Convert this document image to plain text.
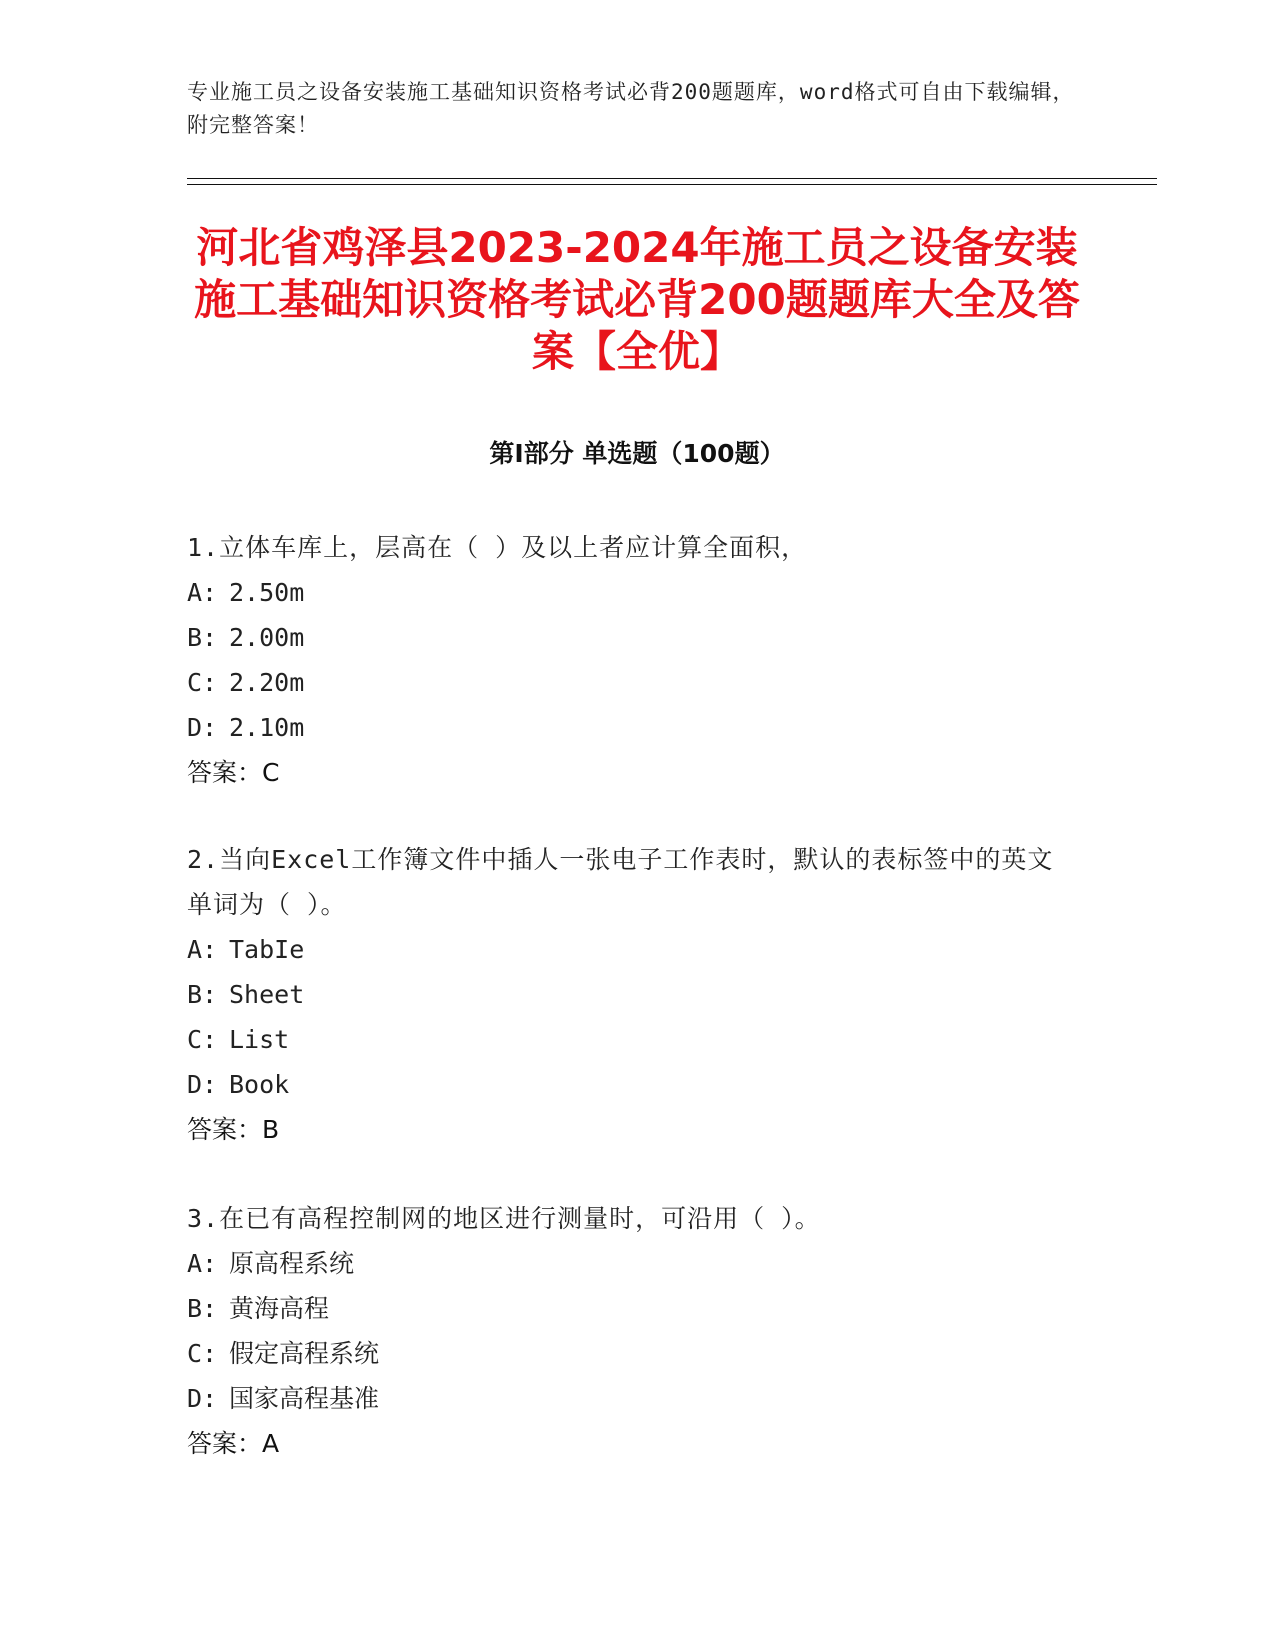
专业施工员之设备安装施工基础知识资格考试必背200题题库，word格式可自由下载编辑，附完整答案！
河北省鸡泽县2023-2024年施工员之设备安装施工基础知识资格考试必背200题题库大全及答案【全优】
第Ⅰ部分 单选题（100题）

1.立体车库上，层高在（ ）及以上者应计算全面积，

A: 2.50m

B: 2.00m

C: 2.20m

D: 2.10m

答案：C

2.当向Excel工作簿文件中插人一张电子工作表时，默认的表标签中的英文单词为（ ）。

A: TabIe

B: Sheet

C: List

D: Book

答案：B

3.在已有高程控制网的地区进行测量时，可沿用（ ）。

A: 原高程系统

B: 黄海高程

C: 假定高程系统

D: 国家高程基准

答案：A
